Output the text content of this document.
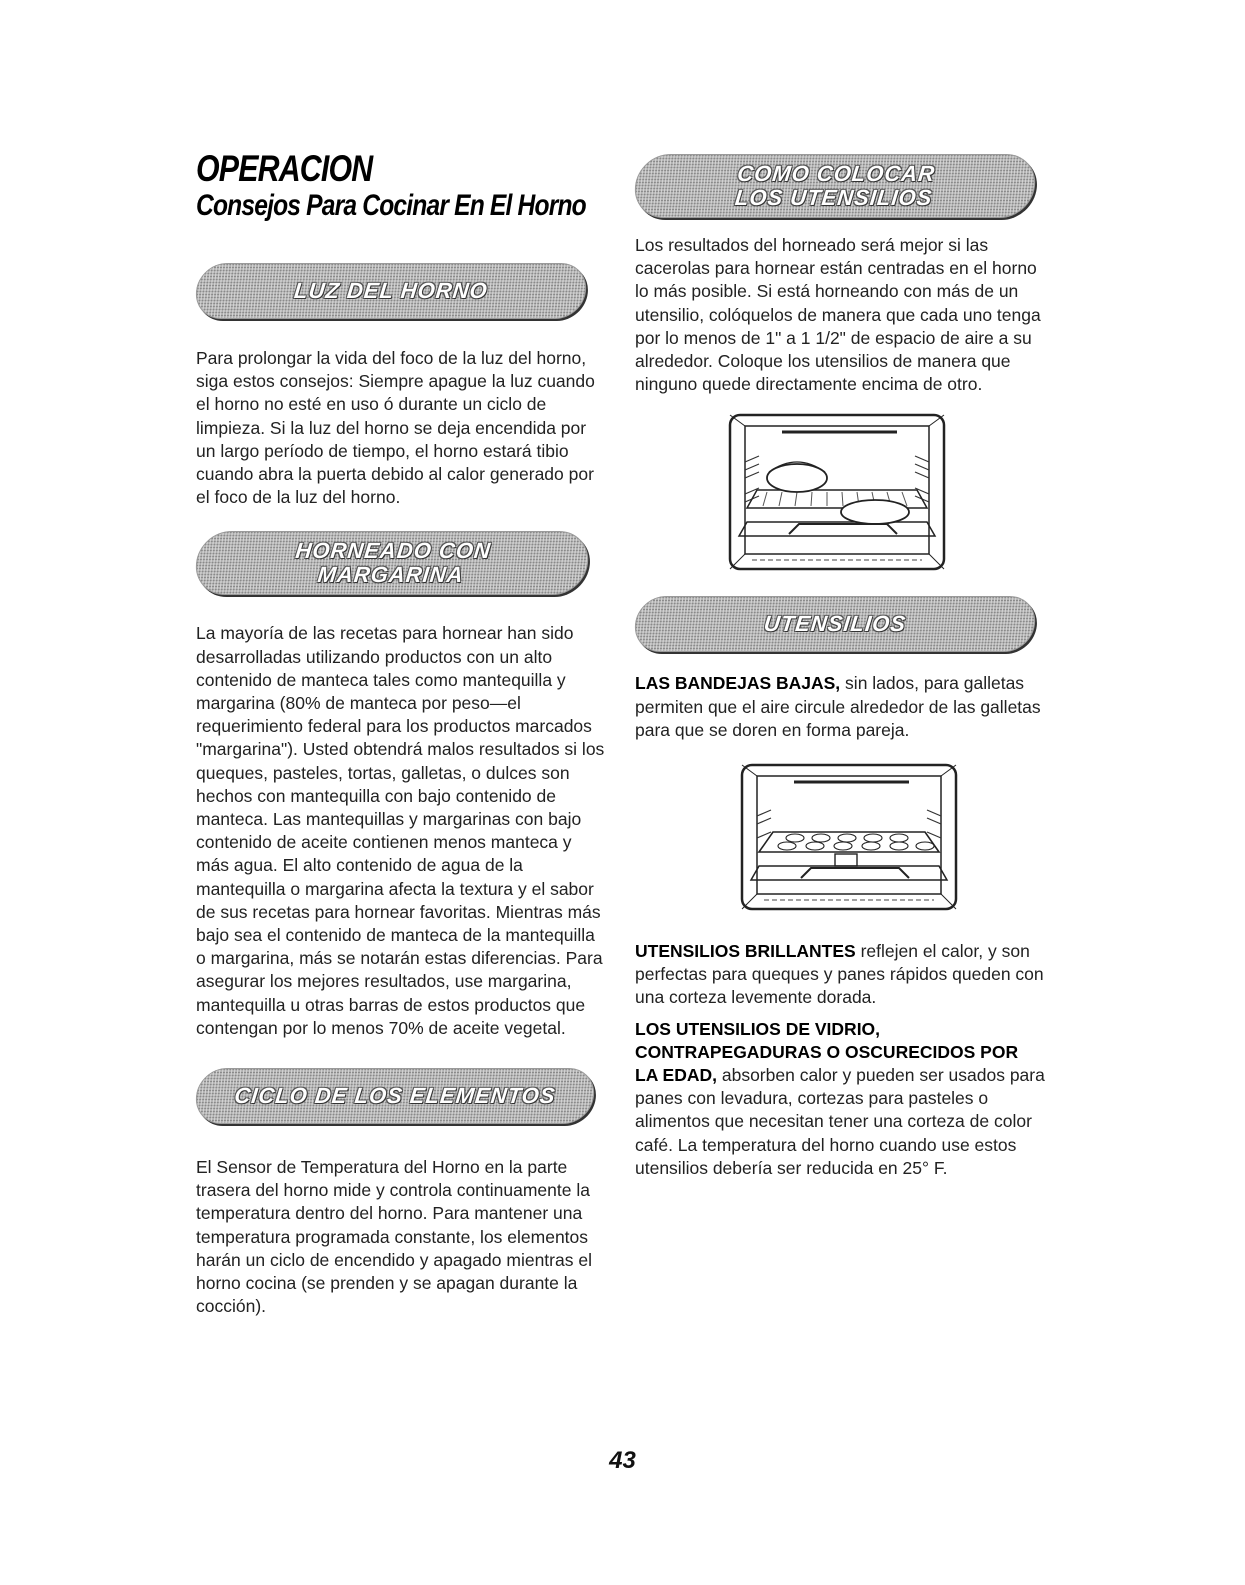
OPERACION
Consejos Para Cocinar En El Horno
LUZ DEL HORNO

Para prolongar la vida del foco de la luz del horno, siga estos consejos: Siempre apague la luz cuando el horno no esté en uso ó durante un ciclo de limpieza. Si la luz del horno se deja encendida por un largo período de tiempo, el horno estará tibio cuando abra la puerta debido al calor generado por el foco de la luz del horno.

HORNEADO CON
MARGARINA

La mayoría de las recetas para hornear han sido desarrolladas utilizando productos con un alto contenido de manteca tales como mantequilla y margarina (80% de manteca por peso—el requerimiento federal para los productos marcados "margarina"). Usted obtendrá malos resultados si los queques, pasteles, tortas, galletas, o dulces son hechos con mantequilla con bajo contenido de manteca. Las mantequillas y margarinas con bajo contenido de aceite contienen menos manteca y más agua. El alto contenido de agua de la mantequilla o margarina afecta la textura y el sabor de sus recetas para hornear favoritas. Mientras más bajo sea el contenido de manteca de la mantequilla o margarina, más se notarán estas diferencias. Para asegurar los mejores resultados, use margarina, mantequilla u otras barras de estos productos que contengan por lo menos 70% de aceite vegetal.

CICLO DE LOS ELEMENTOS

El Sensor de Temperatura del Horno en la parte trasera del horno mide y controla continuamente la temperatura dentro del horno. Para mantener una temperatura programada constante, los elementos harán un ciclo de encendido y apagado mientras el horno cocina (se prenden y se apagan durante la cocción).

COMO COLOCAR
LOS UTENSILIOS

Los resultados del horneado será mejor si las cacerolas para hornear están centradas en el horno lo más posible. Si está horneando con más de un utensilio, colóquelos de manera que cada uno tenga por lo menos de 1" a 1 1/2" de espacio de aire a su alrededor. Coloque los utensilios de manera que ninguno quede directamente encima de otro.

UTENSILIOS

LAS BANDEJAS BAJAS, sin lados, para galletas permiten que el aire circule alrededor de las galletas para que se doren en forma pareja.

UTENSILIOS BRILLANTES reflejen el calor, y son perfectas para queques y panes rápidos queden con una corteza levemente dorada.

LOS UTENSILIOS DE VIDRIO, CONTRAPEGADURAS O OSCURECIDOS POR LA EDAD, absorben calor y pueden ser usados para panes con levadura, cortezas para pasteles o alimentos que necesitan tener una corteza de color café. La temperatura del horno cuando use estos utensilios debería ser reducida en 25° F.

43
